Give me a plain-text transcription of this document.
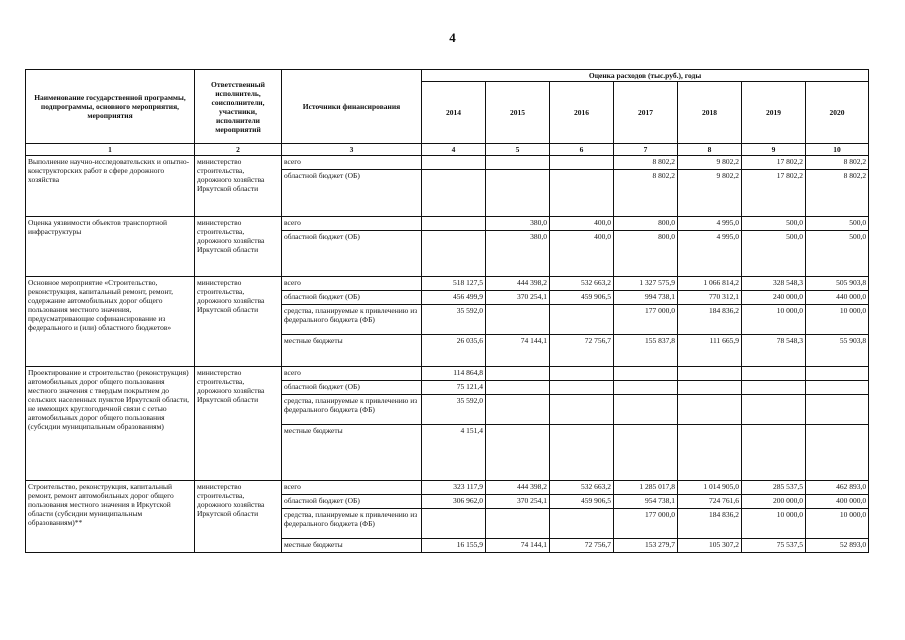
4
Наименование государственной программы, подпрограммы, основного мероприятия, мероприятия	Ответственный исполнитель, соисполнители, участники, исполнители мероприятий	Источники финансирования	Оценка расходов (тыс.руб.), годы						
			2014	2015	2016	2017	2018	2019	2020
1	2	3	4	5	6	7	8	9	10
Выполнение научно-исследовательских и опытно-конструкторских работ в сфере дорожного хозяйства	министерство строительства, дорожного хозяйства Иркутской области	всего				8 802,2	9 802,2	17 802,2	8 802,2
		областной бюджет (ОБ)				8 802,2	9 802,2	17 802,2	8 802,2
Оценка уязвимости объектов транспортной инфраструктуры	министерство строительства, дорожного хозяйства Иркутской области	всего		380,0	400,0	800,0	4 995,0	500,0	500,0
		областной бюджет (ОБ)		380,0	400,0	800,0	4 995,0	500,0	500,0
Основное мероприятие «Строительство, реконструкция, капитальный ремонт, ремонт, содержание автомобильных дорог общего пользования местного значения, предусматривающие софинансирование из федерального и (или) областного бюджетов»	министерство строительства, дорожного хозяйства Иркутской области	всего	518 127,5	444 398,2	532 663,2	1 327 575,9	1 066 814,2	328 548,3	505 903,8
		областной бюджет (ОБ)	456 499,9	370 254,1	459 906,5	994 738,1	770 312,1	240 000,0	440 000,0
		средства, планируемые к привлечению из федерального бюджета (ФБ)	35 592,0			177 000,0	184 836,2	10 000,0	10 000,0
		местные бюджеты	26 035,6	74 144,1	72 756,7	155 837,8	111 665,9	78 548,3	55 903,8
Проектирование и строительство (реконструкция) автомобильных дорог общего пользования местного значения с твердым покрытием до сельских населенных пунктов Иркутской области, не имеющих круглогодичной связи с сетью автомобильных дорог общего пользования (субсидии муниципальным образованиям)	министерство строительства, дорожного хозяйства Иркутской области	всего	114 864,8						
		областной бюджет (ОБ)	75 121,4						
		средства, планируемые к привлечению из федерального бюджета (ФБ)	35 592,0						
		местные бюджеты	4 151,4						
Строительство, реконструкция, капитальный ремонт, ремонт автомобильных дорог общего пользования местного значения в Иркутской области (субсидии муниципальным образованиям)**	министерство строительства, дорожного хозяйства Иркутской области	всего	323 117,9	444 398,2	532 663,2	1 285 017,8	1 014 905,0	285 537,5	462 893,0
		областной бюджет (ОБ)	306 962,0	370 254,1	459 906,5	954 738,1	724 761,6	200 000,0	400 000,0
		средства, планируемые к привлечению из федерального бюджета (ФБ)				177 000,0	184 836,2	10 000,0	10 000,0
		местные бюджеты	16 155,9	74 144,1	72 756,7	153 279,7	105 307,2	75 537,5	52 893,0
